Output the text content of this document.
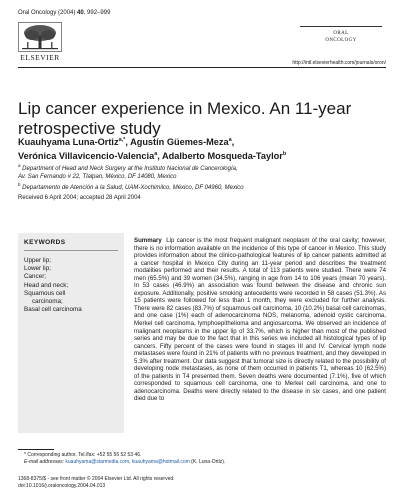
Oral Oncology (2004) 40, 992–999
ELSEVIER
ORAL
ONCOLOGY
http://intl.elsevierhealth.com/journals/oron/
Lip cancer experience in Mexico. An 11-year retrospective study
Kuauhyama Luna-Ortiz$^{a,*}$, Agustín Güemes-Meza$^a$,
Verónica Villavicencio-Valencia$^a$, Adalberto Mosqueda-Taylor$^b$
$^a$ Department of Head and Neck Surgery at the Instituto Nacional de Cancerología,
Av. San Fernando # 22, Tlalpan, México, DF 14080, Mexico
$^b$ Departamento de Atención a la Salud, UAM-Xochimilco, México, DF 04960, Mexico
Received 6 April 2004; accepted 28 April 2004
KEYWORDS
Upper lip;
Lower lip;
Cancer;
Head and neck;
Squamous cell
carcinoma;
Basal cell carcinoma

Summary Lip cancer is the most frequent malignant neoplasm of the oral cavity; however, there is no information available on the incidence of this type of cancer in Mexico. This study provides information about the clinico-pathological features of lip cancer patients admitted at a cancer hospital in Mexico City during an 11-year period and describes the treatment modalities performed and their results. A total of 113 patients were studied. There were 74 men (65.5%) and 39 women (34.5%), ranging in age from 14 to 106 years (mean 70 years). In 53 cases (46.9%) an association was found between the disease and chronic sun exposure. Additionally, positive smoking antecedents were recorded in 58 cases (51.3%). As 15 patients were followed for less than 1 month, they were excluded for further analysis. There were 82 cases (83.7%) of squamous cell carcinoma, 10 (10.2%) basal cell carcinomas, and one case (1%) each of adenocarcinoma NOS, melanoma, adenoid cystic carcinoma, Merkel cell carcinoma, lymphoepithelioma and angiosarcoma. We observed an incidence of malignant neoplasms in the upper lip of 33.7%, which is higher than most of the published series and may be due to the fact that in this series we included all histological types of lip cancers. Fifty percent of the cases were found in stages III and IV. Cervical lymph node metastases were found in 21% of patients with no previous treatment, and they developed in 5.3% after treatment. Our data suggest that tumoral size is directly related to the possibility of developing node metastases, as none of them occurred in patients T1, whereas 10 (62.5%) of the patients in T4 presented them. Seven deaths were documented (7.1%), five of which corresponded to squamous cell carcinoma, one to Merkel cell carcinoma, and one to adenocarcinoma. Deaths were directly related to the disease in six cases, and one patient died due to

* Corresponding author. Tel./fax: +52 55 56 52 53 46.
E-mail addresses: kuauhyama@starmedia.com, kuauhyama@hotmail.com (K. Luna-Ortiz).
1368-8375/$ - see front matter © 2004 Elsevier Ltd. All rights reserved.
doi:10.1016/j.oraloncology.2004.04.013
